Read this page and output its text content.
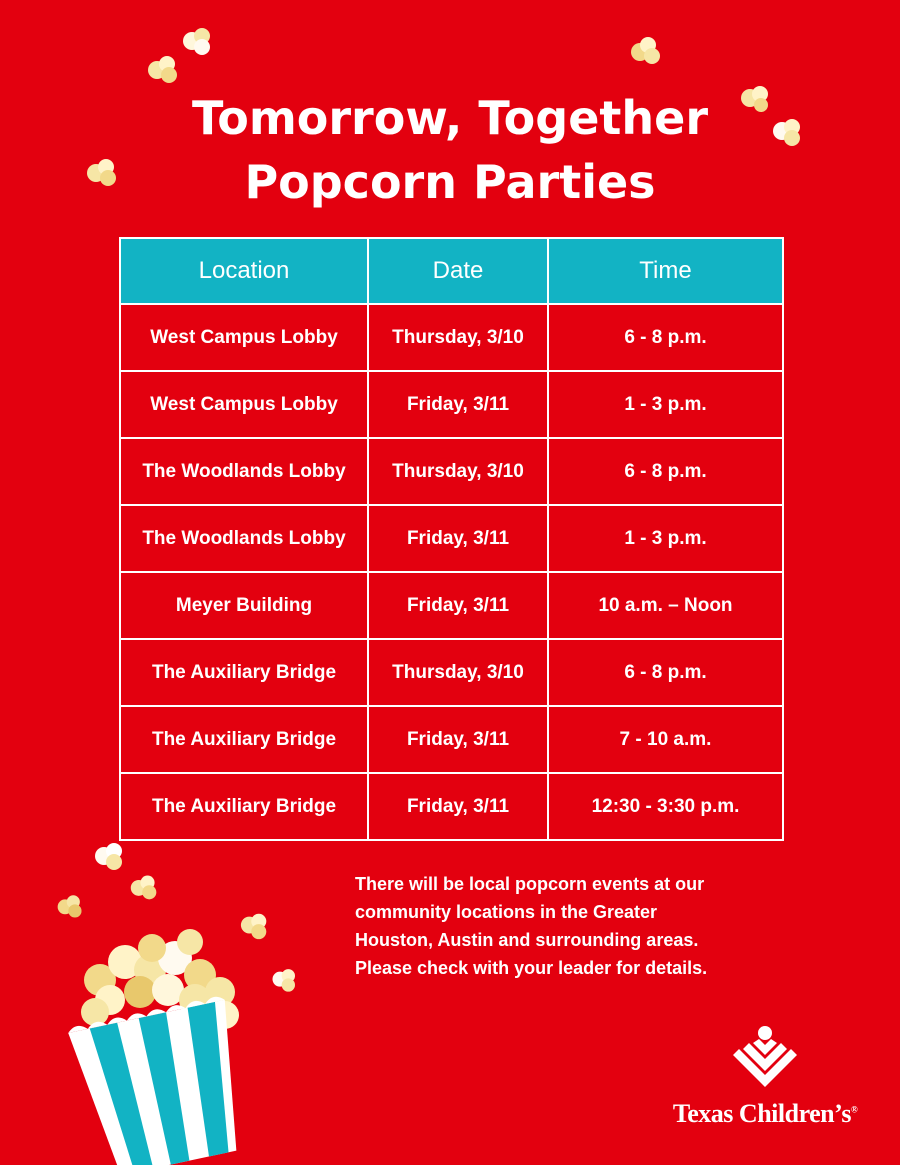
Tomorrow, Together
Popcorn Parties
Location	Date	Time
West Campus Lobby	Thursday, 3/10	6 - 8 p.m.
West Campus Lobby	Friday, 3/11	1 - 3 p.m.
The Woodlands Lobby	Thursday, 3/10	6 - 8 p.m.
The Woodlands Lobby	Friday, 3/11	1 - 3 p.m.
Meyer Building	Friday, 3/11	10 a.m. – Noon
The Auxiliary Bridge	Thursday, 3/10	6 - 8 p.m.
The Auxiliary Bridge	Friday, 3/11	7 - 10 a.m.
The Auxiliary Bridge	Friday, 3/11	12:30 - 3:30 p.m.
There will be local popcorn events at our
community locations in the Greater
Houston, Austin and surrounding areas.
Please check with your leader for details.
Texas Children’s®
